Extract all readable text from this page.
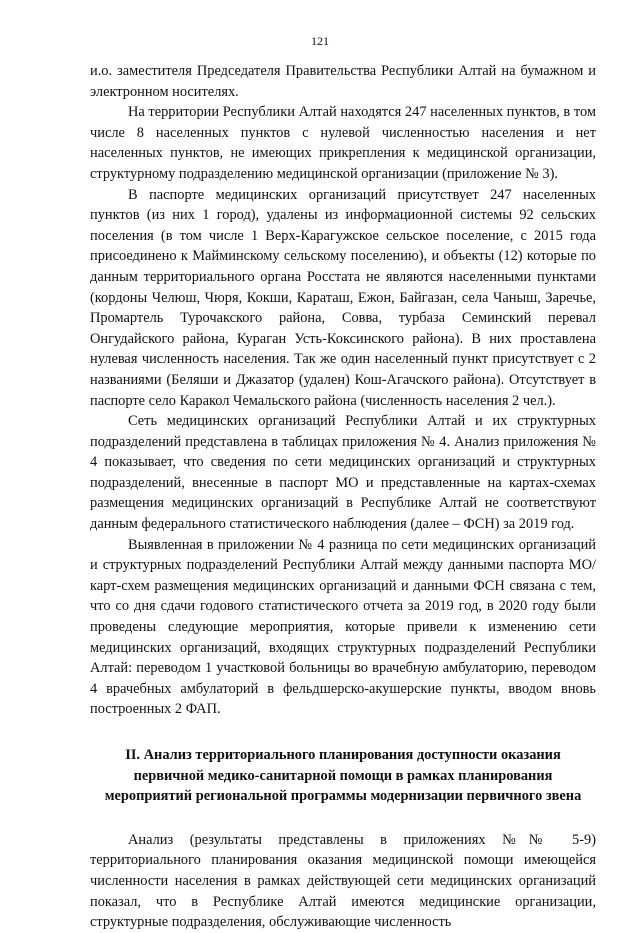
121

и.о. заместителя Председателя Правительства Республики Алтай на бумажном и электронном носителях.

На территории Республики Алтай находятся 247 населенных пунктов, в том числе 8 населенных пунктов с нулевой численностью населения и нет населенных пунктов, не имеющих прикрепления к медицинской организации, структурному подразделению медицинской организации (приложение № 3).

В паспорте медицинских организаций присутствует 247 населенных пунктов (из них 1 город), удалены из информационной системы 92 сельских поселения (в том числе 1 Верх-Карагужское сельское поселение, с 2015 года присоединено к Майминскому сельскому поселению), и объекты (12) которые по данным территориального органа Росстата не являются населенными пунктами (кордоны Челюш, Чюря, Кокши, Караташ, Ежон, Байгазан, села Чаныш, Заречье, Промартель Турочакского района, Совва, турбаза Семинский перевал Онгудайского района, Кураган Усть-Коксинского района). В них проставлена нулевая численность населения. Так же один населенный пункт присутствует с 2 названиями (Беляши и Джазатор (удален) Кош-Агачского района). Отсутствует в паспорте село Каракол Чемальского района (численность населения 2 чел.).

Сеть медицинских организаций Республики Алтай и их структурных подразделений представлена в таблицах приложения № 4. Анализ приложения № 4 показывает, что сведения по сети медицинских организаций и структурных подразделений, внесенные в паспорт МО и представленные на картах-схемах размещения медицинских организаций в Республике Алтай не соответствуют данным федерального статистического наблюдения (далее – ФСН) за 2019 год.

Выявленная в приложении № 4 разница по сети медицинских организаций и структурных подразделений Республики Алтай между данными паспорта МО/карт-схем размещения медицинских организаций и данными ФСН связана с тем, что со дня сдачи годового статистического отчета за 2019 год, в 2020 году были проведены следующие мероприятия, которые привели к изменению сети медицинских организаций, входящих структурных подразделений Республики Алтай: переводом 1 участковой больницы во врачебную амбулаторию, переводом 4 врачебных амбулаторий в фельдшерско-акушерские пункты, вводом вновь построенных 2 ФАП.

II. Анализ территориального планирования доступности оказания первичной медико-санитарной помощи в рамках планирования мероприятий региональной программы модернизации первичного звена

Анализ (результаты представлены в приложениях №№ 5-9) территориального планирования оказания медицинской помощи имеющейся численности населения в рамках действующей сети медицинских организаций показал, что в Республике Алтай имеются медицинские организации, структурные подразделения, обслуживающие численность
